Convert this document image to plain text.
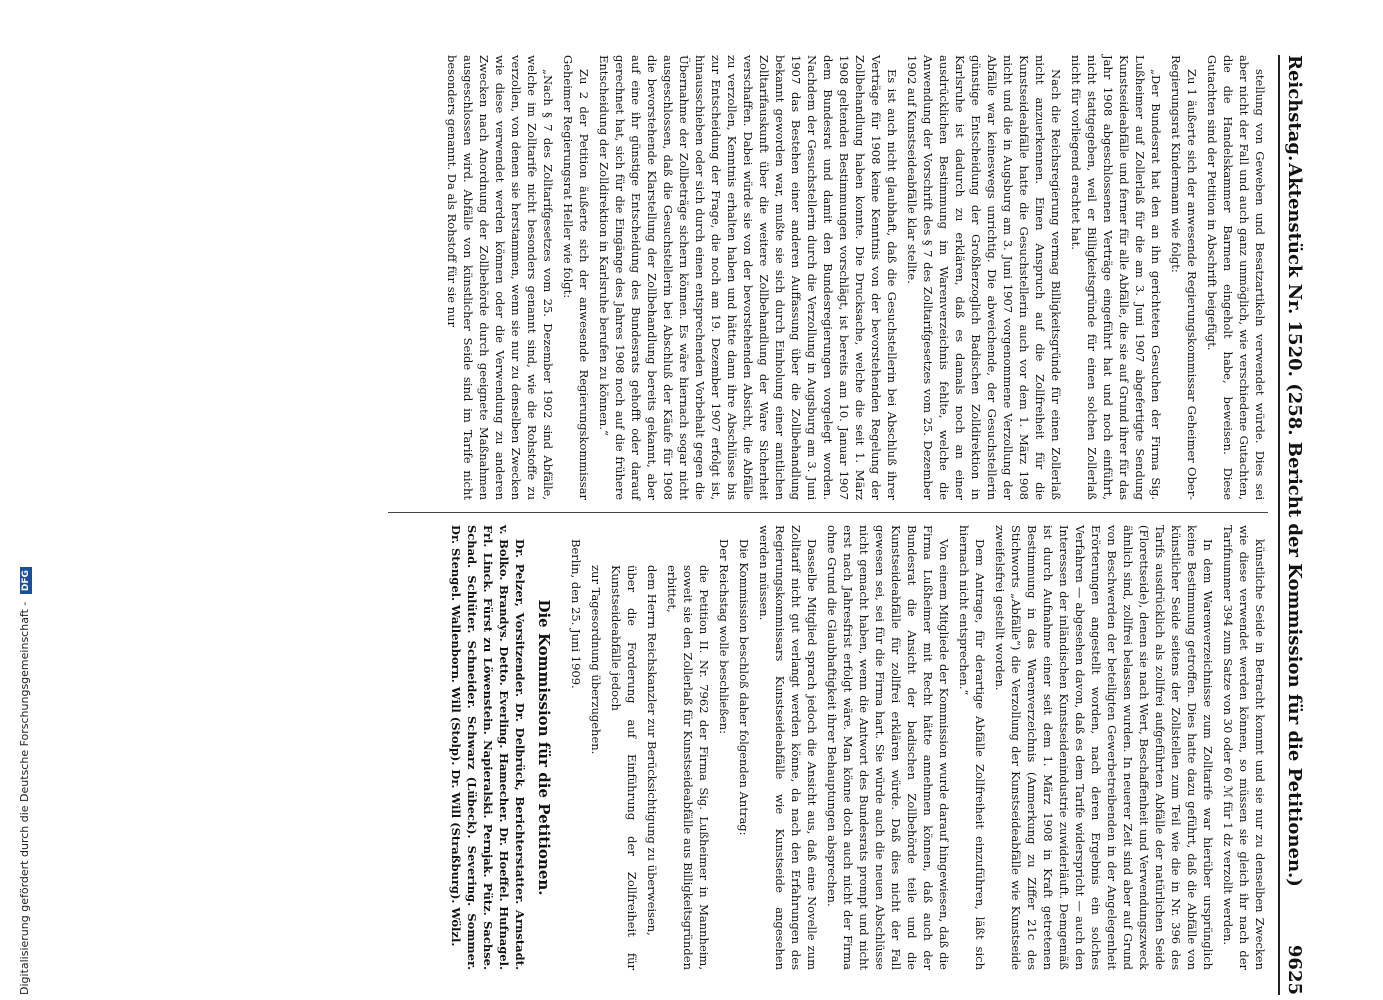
Reichstag.
Aktenstück Nr. 1520. (258. Bericht der Kommission für die Petitionen.)
9625

stellung von Geweben und Besatzartikeln verwendet würde. Dies sei aber nicht der Fall und auch ganz unmöglich, wie verschiedene Gutachten, die die Handelskammer Barmen eingeholt habe, beweisen. Diese Gutachten sind der Petition in Abschrift beigefügt.

Zu 1 äußerte sich der anwesende Regierungskommissar Geheimer Ober-Regierungsrat Kindermann wie folgt:

„Der Bundesrat hat den an ihn gerichteten Gesuchen der Firma Sig. Lußheimer auf Zollerlaß für die am 3. Juni 1907 abgefertigte Sendung Kunstseideabfälle und ferner für alle Abfälle, die sie auf Grund ihrer für das Jahr 1908 abgeschlossenen Verträge eingeführt hat und noch einführt, nicht stattgegeben, weil er Billigkeitsgründe für einen solchen Zollerlaß nicht für vorliegend erachtet hat.

Nach die Reichsregierung vermag Billigkeitsgründe für einen Zollerlaß nicht anzuerkennen. Einen Anspruch auf die Zollfreiheit für die Kunstseideabfälle hatte die Gesuchstellerin auch vor dem 1. März 1908 nicht und die in Augsburg am 3. Juni 1907 vorgenommene Verzollung der Abfälle war keineswegs unrichtig. Die abweichende, der Gesuchstellerin günstige Entscheidung der Großherzoglich Badischen Zolldirektion in Karlsruhe ist dadurch zu erklären, daß es damals noch an einer ausdrücklichen Bestimmung im Warenverzeichnis fehlte, welche die Anwendung der Vorschrift des § 7 des Zolltarifgesetzes vom 25. Dezember 1902 auf Kunstseideabfälle klar stellte.

Es ist auch nicht glaubhaft, daß die Gesuchstellerin bei Abschluß ihrer Verträge für 1908 keine Kenntnis von der bevorstehenden Regelung der Zollbehandlung haben konnte. Die Drucksache, welche die seit 1. März 1908 geltenden Bestimmungen vorschlägt, ist bereits am 10. Januar 1907 dem Bundesrat und damit den Bundesregierungen vorgelegt worden. Nachdem der Gesuchstellerin durch die Verzollung in Augsburg am 3. Juni 1907 das Bestehen einer anderen Auffassung über die Zollbehandlung bekannt geworden war, mußte sie sich durch Einholung einer amtlichen Zolltarifauskunft über die weitere Zollbehandlung der Ware Sicherheit verschaffen. Dabei würde sie von der bevorstehenden Absicht, die Abfälle zu verzollen, Kenntnis erhalten haben und hätte dann ihre Abschlüsse bis zur Entscheidung der Frage, die noch am 19. Dezember 1907 erfolgt ist, hinausschieben oder sich durch einen entsprechenden Vorbehalt gegen die Übernahme der Zollbeträge sichern können. Es wäre hiernach sogar nicht ausgeschlossen, daß die Gesuchstellerin bei Abschluß der Käufe für 1908 die bevorstehende Klarstellung der Zollbehandlung bereits gekannt, aber auf eine ihr günstige Entscheidung des Bundesrats gehofft oder darauf gerechnet hat, sich für die Eingänge des Jahres 1908 noch auf die frühere Entscheidung der Zolldirektion in Karlsruhe berufen zu können.“

Zu 2 der Petition äußerte sich der anwesende Regierungskommissar Geheimer Regierungsrat Heller wie folgt:

„Nach § 7 des Zolltarifgesetzes vom 25. Dezember 1902 sind Abfälle, welche im Zolltarife nicht besonders genannt sind, wie die Rohstoffe zu verzollen, von denen sie herstammen, wenn sie nur zu denselben Zwecken wie diese verwendet werden können oder die Verwendung zu anderen Zwecken nach Anordnung der Zollbehörde durch geeignete Maßnahmen ausgeschlossen wird. Abfälle von künstlicher Seide sind im Tarife nicht besonders genannt. Da als Rohstoff für sie nur

künstliche Seide in Betracht kommt und sie nur zu denselben Zwecken wie diese verwendet werden können, so müssen sie gleich ihr nach der Tarifnummer 394 zum Satze von 30 oder 60 ℳ für 1 dz verzollt werden.

In dem Warenverzeichnisse zum Zolltarife war hierüber ursprünglich keine Bestimmung getroffen. Dies hatte dazu geführt, daß die Abfälle von künstlicher Seide seitens der Zollstellen zum Teil wie die in Nr. 396 des Tarifs ausdrücklich als zollfrei aufgeführten Abfälle der natürlichen Seide (Florettseide), denen sie nach Wert, Beschaffenheit und Verwendungszweck ähnlich sind, zollfrei belassen wurden. In neuerer Zeit sind aber auf Grund von Beschwerden der beteiligten Gewerbetreibenden in der Angelegenheit Erörterungen angestellt worden, nach deren Ergebnis ein solches Verfahren — abgesehen davon, daß es dem Tarife widerspricht — auch den Interessen der inländischen Kunstseidenindustrie zuwiderläuft. Demgemäß ist durch Aufnahme einer seit dem 1. März 1908 in Kraft getretenen Bestimmung in das Warenverzeichnis (Anmerkung zu Ziffer 21c des Stichworts „Abfälle“) die Verzollung der Kunstseideabfälle wie Kunstseide zweifelsfrei gestellt worden.

Dem Antrage, für derartige Abfälle Zollfreiheit einzuführen, läßt sich hiernach nicht entsprechen.“

Von einem Mitgliede der Kommission wurde darauf hingewiesen, daß die Firma Lußheimer mit Recht hätte annehmen können, daß auch der Bundesrat die Ansicht der badischen Zollbehörde teile und die Kunstseideabfälle für zollfrei erklären würde. Daß dies nicht der Fall gewesen sei, sei für die Firma hart. Sie würde auch die neuen Abschlüsse nicht gemacht haben, wenn die Antwort des Bundesrats prompt und nicht erst nach Jahresfrist erfolgt wäre. Man könne doch auch nicht der Firma ohne Grund die Glaubhaftigkeit ihrer Behauptungen absprechen.

Dasselbe Mitglied sprach jedoch die Ansicht aus, daß eine Novelle zum Zolltarif nicht gut verlangt werden könne, da nach den Erfahrungen des Regierungskommissars Kunstseideabfälle wie Kunstseide angesehen werden müssen.

Die Kommission beschloß daher folgenden Antrag:

Der Reichstag wolle beschließen:

die Petition II. Nr. 7962 der Firma Sig. Lußheimer in Mannheim, soweit sie den Zollerlaß für Kunstseideabfälle aus Billigkeitsgründen erbittet,

dem Herrn Reichskanzler zur Berücksichtigung zu überweisen,

über die Forderung auf Einführung der Zollfreiheit für Kunstseideabfälle jedoch

zur Tagesordnung überzugehen.

Berlin, den 25. Juni 1909.

Die Kommission für die Petitionen.

Dr. Pelzer, Vorsitzender. Dr. Delbrück, Berichterstatter. Arnstadt. v. Bolko. Brandys. Detto. Everling. Hamecher. Dr. Hoeffel. Hufnagel. Frl. Linck. Fürst zu Löwenstein. Napieralski. Pernjak. Pütz. Sachse. Schad. Schlüter. Schneider. Schwarz (Lübeck). Severing. Sommer. Dr. Stengel. Wallenborn. Will (Stolp). Dr. Will (Straßburg). Wölzl.

Digitalisierung gefördert durch die Deutsche Forschungsgemeinschaft - DFG
